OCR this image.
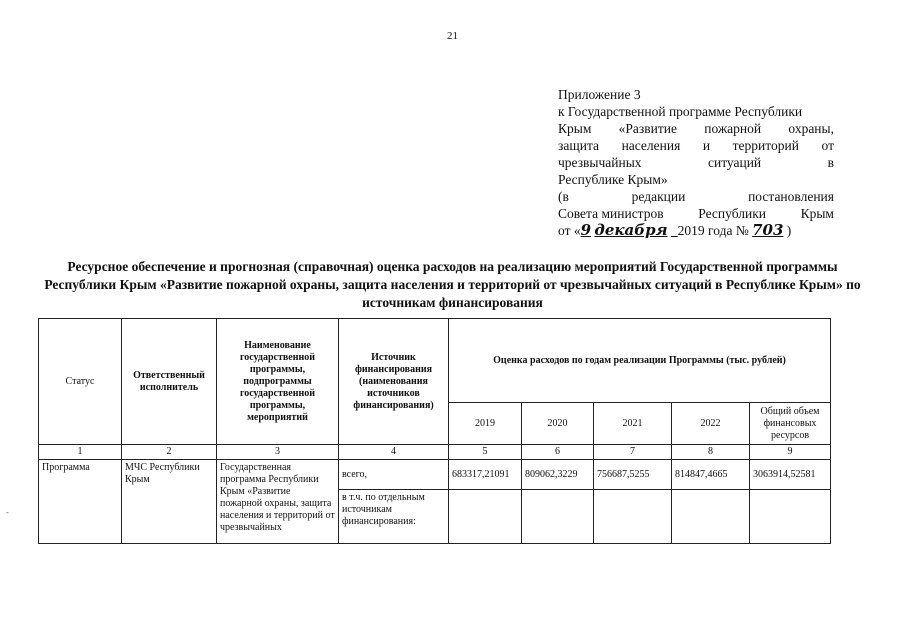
21
Приложение 3
к Государственной программе Республики
Крым «Развитие пожарной охраны,
защита населения и территорий от
чрезвычайных	ситуаций	в
Республике Крым»
(в	редакции	постановления
Совета министров	Республики	Крым
от «9 декабря 2019 года № 703 )
Ресурсное обеспечение и прогнозная (справочная) оценка расходов на реализацию мероприятий Государственной программы Республики Крым «Развитие пожарной охраны, защита населения и территорий от чрезвычайных ситуаций в Республике Крым» по источникам финансирования
Статус	Ответственный исполнитель	Наименование государственной программы, подпрограммы государственной программы, мероприятий	Источник финансирования (наименования источников финансирования)	Оценка расходов по годам реализации Программы (тыс. рублей)				
				2019	2020	2021	2022	Общий объем финансовых ресурсов
1	2	3	4	5	6	7	8	9
Программа	МЧС Республики Крым	Государственная программа Республики Крым «Развитие пожарной охраны, защита населения и территорий от чрезвычайных	всего,	683317,21091	809062,3229	756687,5255	814847,4665	3063914,52581
			в т.ч. по отдельным источникам финансирования:					
-
